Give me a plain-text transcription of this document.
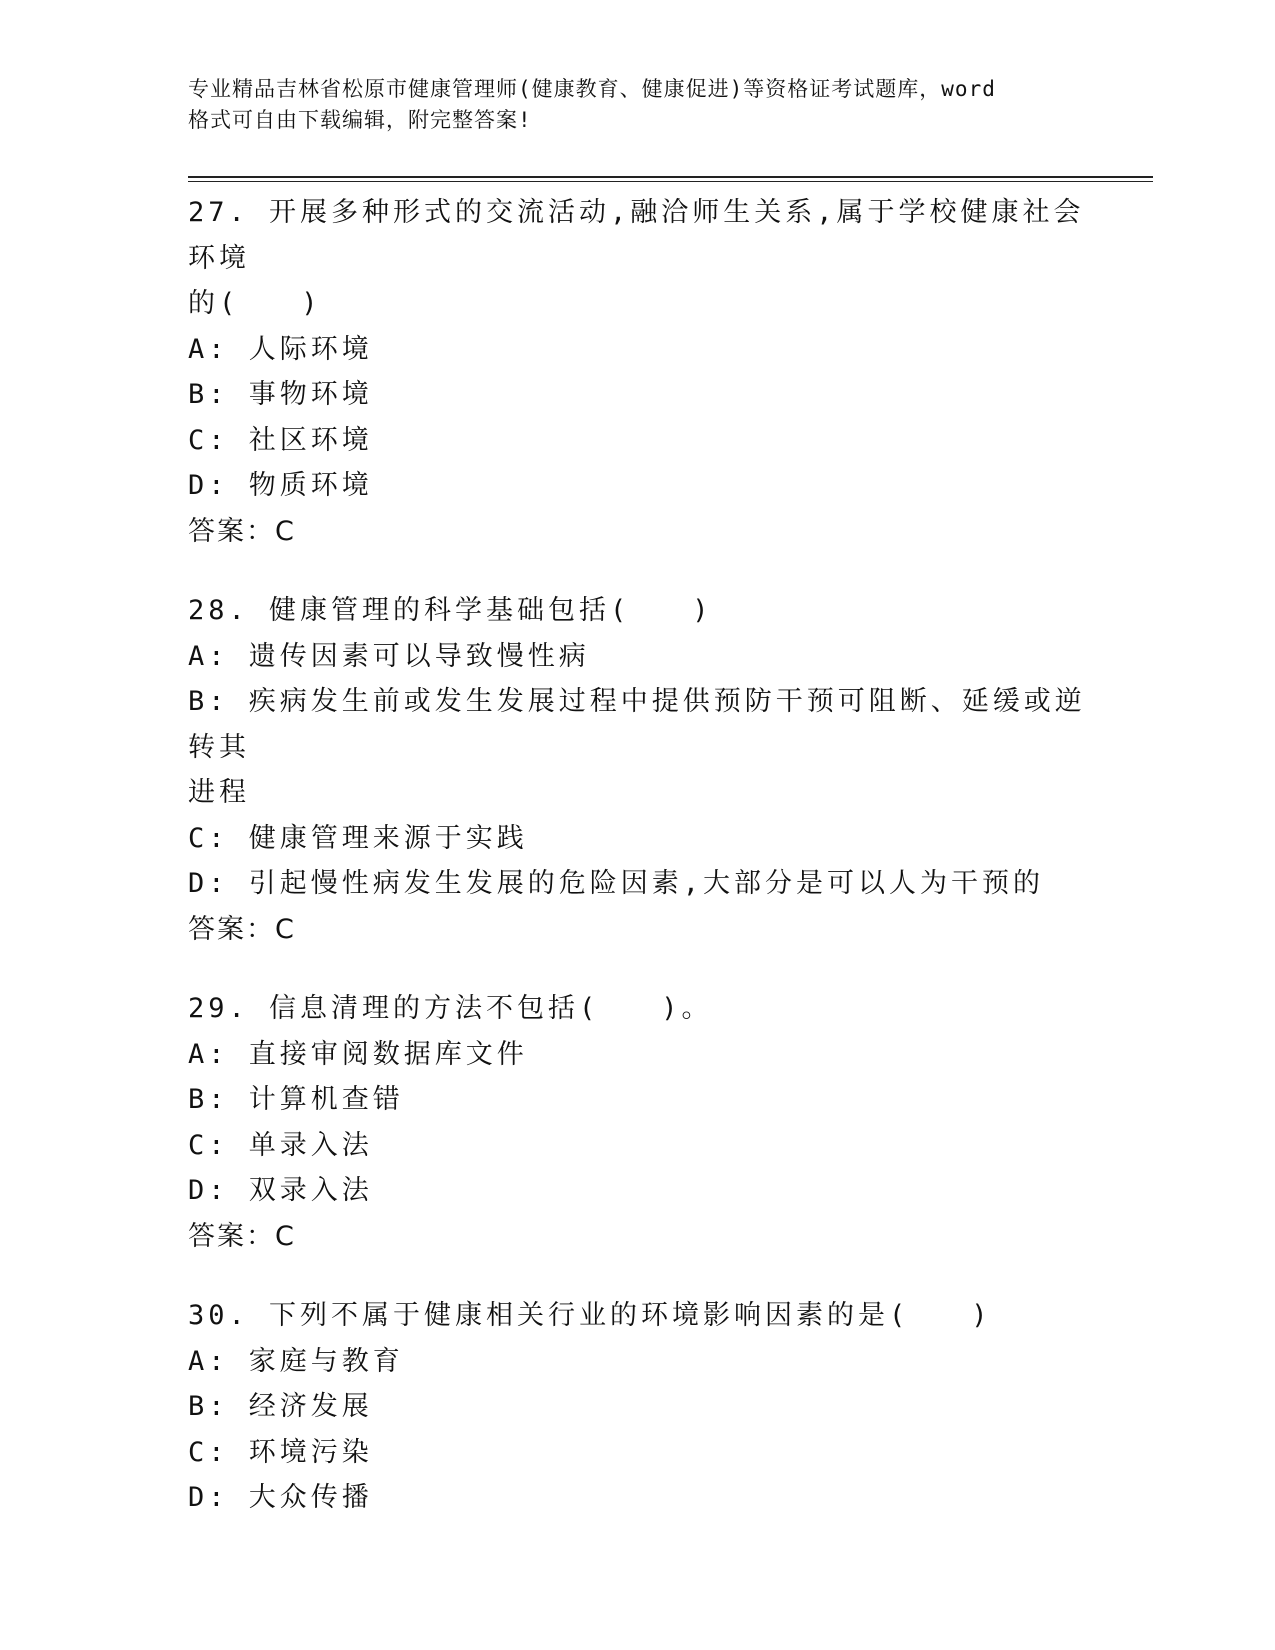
专业精品吉林省松原市健康管理师(健康教育、健康促进)等资格证考试题库，word
格式可自由下载编辑，附完整答案!
27. 开展多种形式的交流活动,融洽师生关系,属于学校健康社会环境
的(　　)
A: 人际环境
B: 事物环境
C: 社区环境
D: 物质环境
答案：C
28. 健康管理的科学基础包括(　　)
A: 遗传因素可以导致慢性病
B: 疾病发生前或发生发展过程中提供预防干预可阻断、延缓或逆转其
进程
C: 健康管理来源于实践
D: 引起慢性病发生发展的危险因素,大部分是可以人为干预的
答案：C
29. 信息清理的方法不包括(　　)。
A: 直接审阅数据库文件
B: 计算机查错
C: 单录入法
D: 双录入法
答案：C
30. 下列不属于健康相关行业的环境影响因素的是(　　)
A: 家庭与教育
B: 经济发展
C: 环境污染
D: 大众传播
